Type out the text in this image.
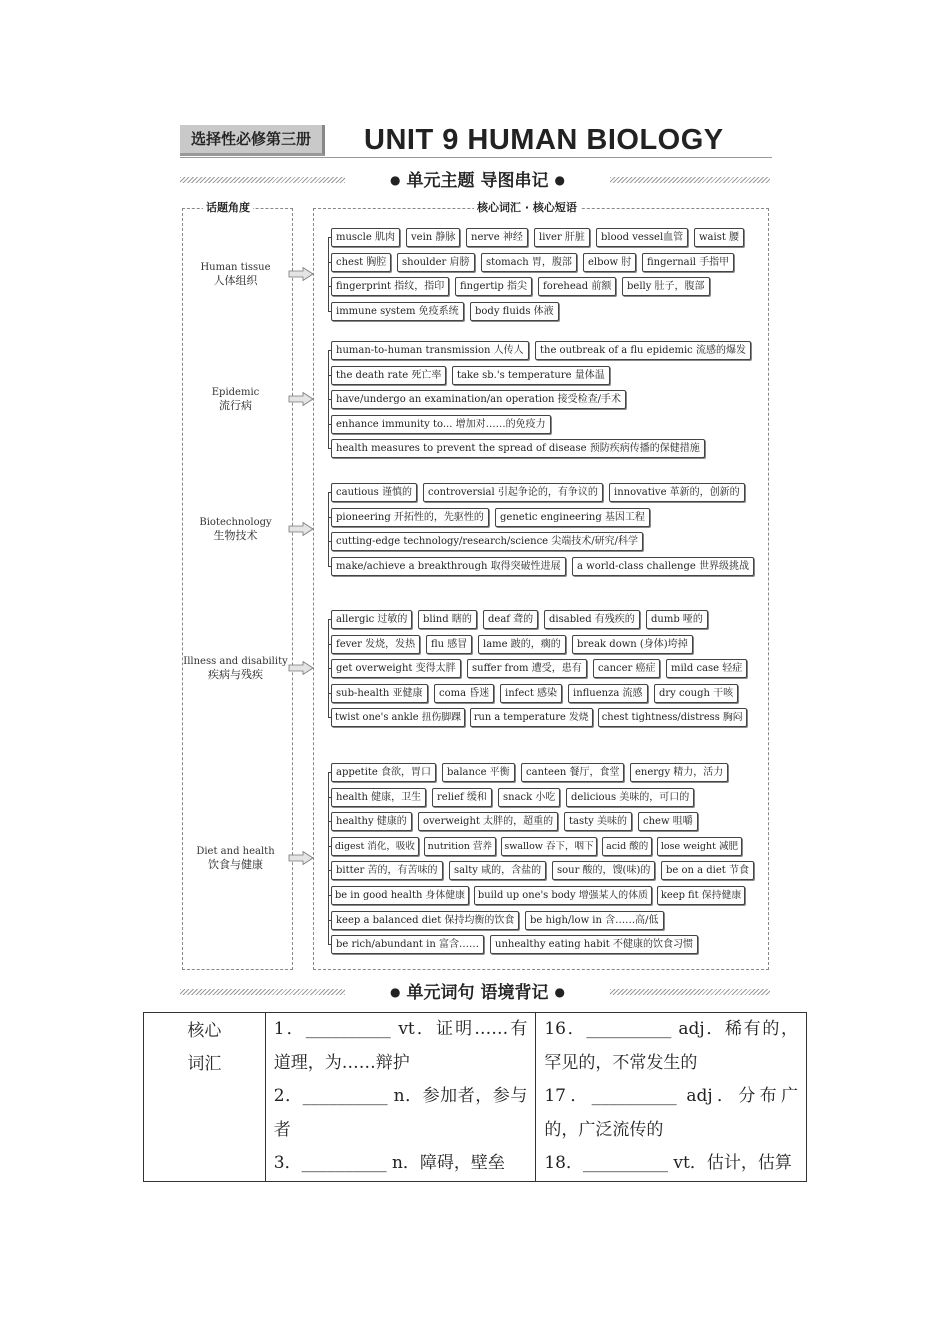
选择性必修第三册	UNIT 9 HUMAN BIOLOGY
● 单元主题 导图串记 ●
话题角度	核心词汇 · 核心短语
Human tissue
人体组织
muscle 肌肉	vein 静脉	nerve 神经	liver 肝脏	blood vessel血管	waist 腰
chest 胸腔	shoulder 肩膀	stomach 胃，腹部	elbow 肘	fingernail 手指甲
fingerprint 指纹，指印	fingertip 指尖	forehead 前额	belly 肚子，腹部
immune system 免疫系统	body fluids 体液
Epidemic
流行病
human-to-human transmission 人传人	the outbreak of a flu epidemic 流感的爆发
the death rate 死亡率	take sb.'s temperature 量体温
have/undergo an examination/an operation 接受检查/手术
enhance immunity to... 增加对……的免疫力
health measures to prevent the spread of disease 预防疾病传播的保健措施
Biotechnology
生物技术
cautious 谨慎的	controversial 引起争论的，有争议的	innovative 革新的，创新的
pioneering 开拓性的，先驱性的	genetic engineering 基因工程
cutting-edge technology/research/science 尖端技术/研究/科学
make/achieve a breakthrough 取得突破性进展	a world-class challenge 世界级挑战
Illness and disability
疾病与残疾
allergic 过敏的	blind 瞎的	deaf 聋的	disabled 有残疾的	dumb 哑的
fever 发烧，发热	flu 感冒	lame 跛的，瘸的	break down (身体)垮掉
get overweight 变得太胖	suffer from 遭受，患有	cancer 癌症	mild case 轻症
sub-health 亚健康	coma 昏迷	infect 感染	influenza 流感	dry cough 干咳
twist one's ankle 扭伤脚踝	run a temperature 发烧	chest tightness/distress 胸闷
Diet and health
饮食与健康
appetite 食欲，胃口	balance 平衡	canteen 餐厅，食堂	energy 精力，活力
health 健康，卫生	relief 缓和	snack 小吃	delicious 美味的，可口的
healthy 健康的	overweight 太胖的，超重的	tasty 美味的	chew 咀嚼
digest 消化，吸收	nutrition 营养	swallow 吞下，咽下	acid 酸的	lose weight 减肥
bitter 苦的，有苦味的	salty 咸的，含盐的	sour 酸的，馊(味)的	be on a diet 节食
be in good health 身体健康	build up one's body 增强某人的体质	keep fit 保持健康
keep a balanced diet 保持均衡的饮食	be high/low in 含……高/低
be rich/abundant in 富含……	unhealthy eating habit 不健康的饮食习惯
● 单元词句 语境背记 ●
核心词汇	
1．__________ vt．证明……有道理，为……辩护
2．__________ n．参加者，参与者
3．__________ n．障碍，壁垒

16．__________ adj．稀有的，罕见的，不常发生的
17．__________ adj．分布广的，广泛流传的
18．__________ vt．估计，估算
